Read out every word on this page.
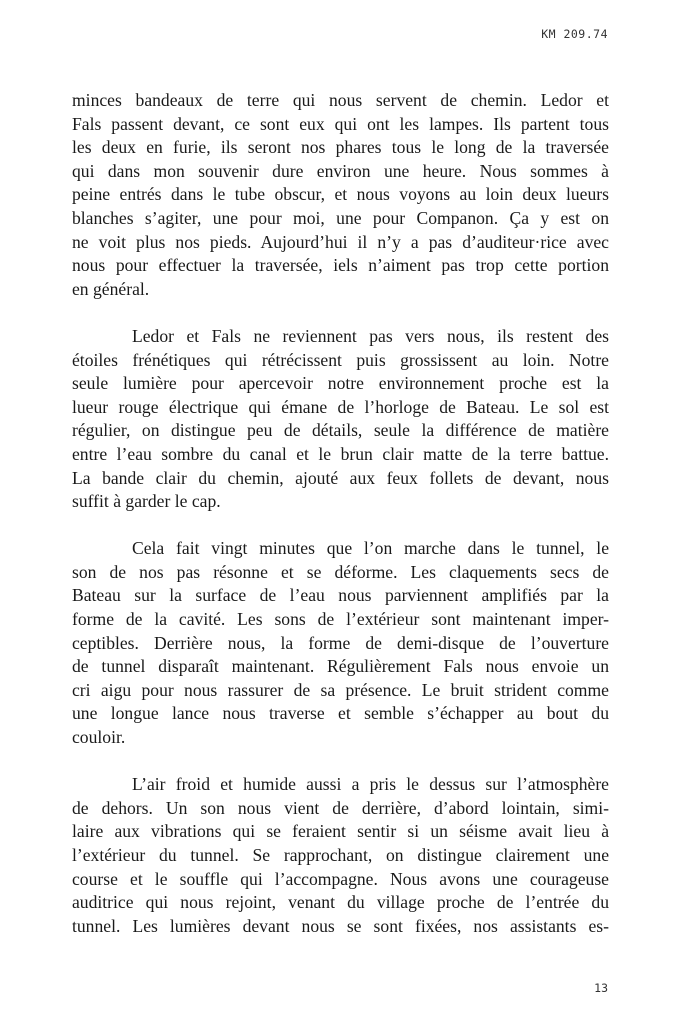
KM 209.74

minces bandeaux de terre qui nous servent de chemin. Ledor et
Fals passent devant, ce sont eux qui ont les lampes. Ils partent tous
les deux en furie, ils seront nos phares tous le long de la traversée
qui dans mon souvenir dure environ une heure. Nous sommes à
peine entrés dans le tube obscur, et nous voyons au loin deux lueurs
blanches s’agiter, une pour moi, une pour Companon. Ça y est on
ne voit plus nos pieds. Aujourd’hui il n’y a pas d’auditeur·rice avec
nous pour effectuer la traversée, iels n’aiment pas trop cette portion
en général.

Ledor et Fals ne reviennent pas vers nous, ils restent des
étoiles frénétiques qui rétrécissent puis grossissent au loin. Notre
seule lumière pour apercevoir notre environnement proche est la
lueur rouge électrique qui émane de l’horloge de Bateau. Le sol est
régulier, on distingue peu de détails, seule la différence de matière
entre l’eau sombre du canal et le brun clair matte de la terre battue.
La bande clair du chemin, ajouté aux feux follets de devant, nous
suffit à garder le cap.

Cela fait vingt minutes que l’on marche dans le tunnel, le
son de nos pas résonne et se déforme. Les claquements secs de
Bateau sur la surface de l’eau nous parviennent amplifiés par la
forme de la cavité. Les sons de l’extérieur sont maintenant imper-
ceptibles. Derrière nous, la forme de demi-disque de l’ouverture
de tunnel disparaît maintenant. Régulièrement Fals nous envoie un
cri aigu pour nous rassurer de sa présence. Le bruit strident comme
une longue lance nous traverse et semble s’échapper au bout du
couloir.

L’air froid et humide aussi a pris le dessus sur l’atmosphère
de dehors. Un son nous vient de derrière, d’abord lointain, simi-
laire aux vibrations qui se feraient sentir si un séisme avait lieu à
l’extérieur du tunnel. Se rapprochant, on distingue clairement une
course et le souffle qui l’accompagne. Nous avons une courageuse
auditrice qui nous rejoint, venant du village proche de l’entrée du
tunnel. Les lumières devant nous se sont fixées, nos assistants es-

13
